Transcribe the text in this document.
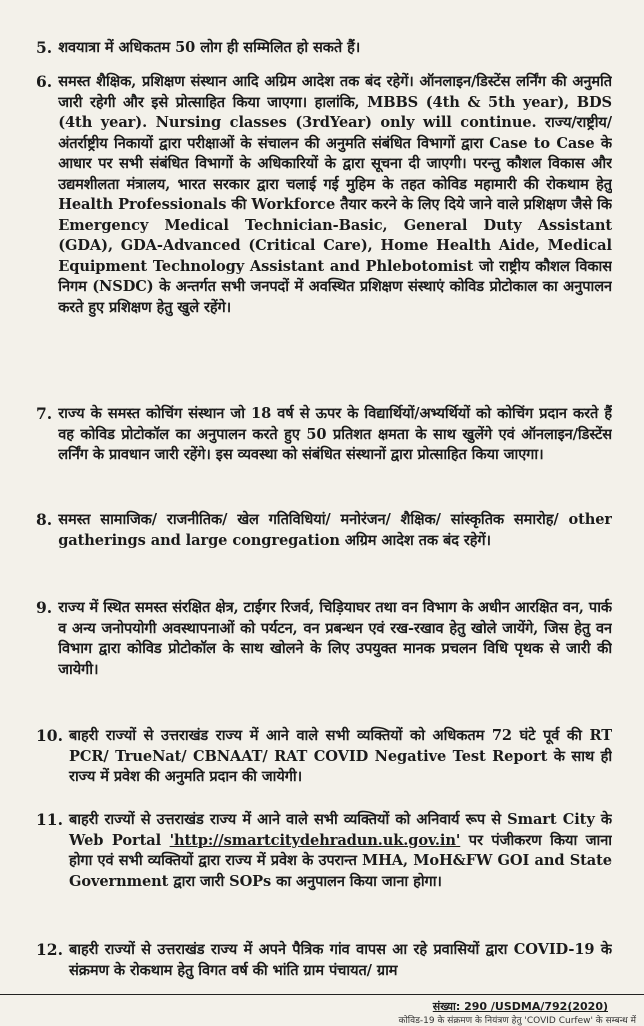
5. शवयात्रा में अधिकतम 50 लोग ही सम्मिलित हो सकते हैं।
6. समस्त शैक्षिक, प्रशिक्षण संस्थान आदि अग्रिम आदेश तक बंद रहेगें। ऑनलाइन/डिस्टेंस लर्निंग की अनुमति जारी रहेगी और इसे प्रोत्साहित किया जाएगा। हालांकि, MBBS (4th & 5th year), BDS (4th year). Nursing classes (3rdYear) only will continue. राज्य/राष्ट्रीय/अंतर्राष्ट्रीय निकायों द्वारा परीक्षाओं के संचालन की अनुमति संबंधित विभागों द्वारा Case to Case के आधार पर सभी संबंधित विभागों के अधिकारियों के द्वारा सूचना दी जाएगी। परन्तु कौशल विकास और उद्यमशीलता मंत्रालय, भारत सरकार द्वारा चलाई गई मुहिम के तहत कोविड महामारी की रोकथाम हेतु Health Professionals की Workforce तैयार करने के लिए दिये जाने वाले प्रशिक्षण जैसे कि Emergency Medical Technician-Basic, General Duty Assistant (GDA), GDA-Advanced (Critical Care), Home Health Aide, Medical Equipment Technology Assistant and Phlebotomist जो राष्ट्रीय कौशल विकास निगम (NSDC) के अन्तर्गत सभी जनपदों में अवस्थित प्रशिक्षण संस्थाएं कोविड प्रोटोकाल का अनुपालन करते हुए प्रशिक्षण हेतु खुले रहेंगे।
7. राज्य के समस्त कोचिंग संस्थान जो 18 वर्ष से ऊपर के विद्यार्थियों/अभ्यर्थियों को कोचिंग प्रदान करते हैं वह कोविड प्रोटोकॉल का अनुपालन करते हुए 50 प्रतिशत क्षमता के साथ खुलेंगे एवं ऑनलाइन/डिस्टेंस लर्निंग के प्रावधान जारी रहेंगे। इस व्यवस्था को संबंधित संस्थानों द्वारा प्रोत्साहित किया जाएगा।
8. समस्त सामाजिक/ राजनीतिक/ खेल गतिविधियां/ मनोरंजन/ शैक्षिक/ सांस्कृतिक समारोह/ other gatherings and large congregation अग्रिम आदेश तक बंद रहेगें।
9. राज्य में स्थित समस्त संरक्षित क्षेत्र, टाईगर रिजर्व, चिड़ियाघर तथा वन विभाग के अधीन आरक्षित वन, पार्क व अन्य जनोपयोगी अवस्थापनाओं को पर्यटन, वन प्रबन्धन एवं रख-रखाव हेतु खोले जायेंगे, जिस हेतु वन विभाग द्वारा कोविड प्रोटोकॉल के साथ खोलने के लिए उपयुक्त मानक प्रचलन विधि पृथक से जारी की जायेगी।
10. बाहरी राज्यों से उत्तराखंड राज्य में आने वाले सभी व्यक्तियों को अधिकतम 72 घंटे पूर्व की RT PCR/ TrueNat/ CBNAAT/ RAT COVID Negative Test Report के साथ ही राज्य में प्रवेश की अनुमति प्रदान की जायेगी।
11. बाहरी राज्यों से उत्तराखंड राज्य में आने वाले सभी व्यक्तियों को अनिवार्य रूप से Smart City के Web Portal 'http://smartcitydehradun.uk.gov.in' पर पंजीकरण किया जाना होगा एवं सभी व्यक्तियों द्वारा राज्य में प्रवेश के उपरान्त MHA, MoH&FW GOI and State Government द्वारा जारी SOPs का अनुपालन किया जाना होगा।
12. बाहरी राज्यों से उत्तराखंड राज्य में अपने पैत्रिक गांव वापस आ रहे प्रवासियों द्वारा COVID-19 के संक्रमण के रोकथाम हेतु विगत वर्ष की भांति ग्राम पंचायत/ ग्राम
संख्या: 290 /USDMA/792(2020)
कोविड-19 के संक्रमण के नियंत्रण हेतु 'COVID Curfew' के सम्बन्ध में
